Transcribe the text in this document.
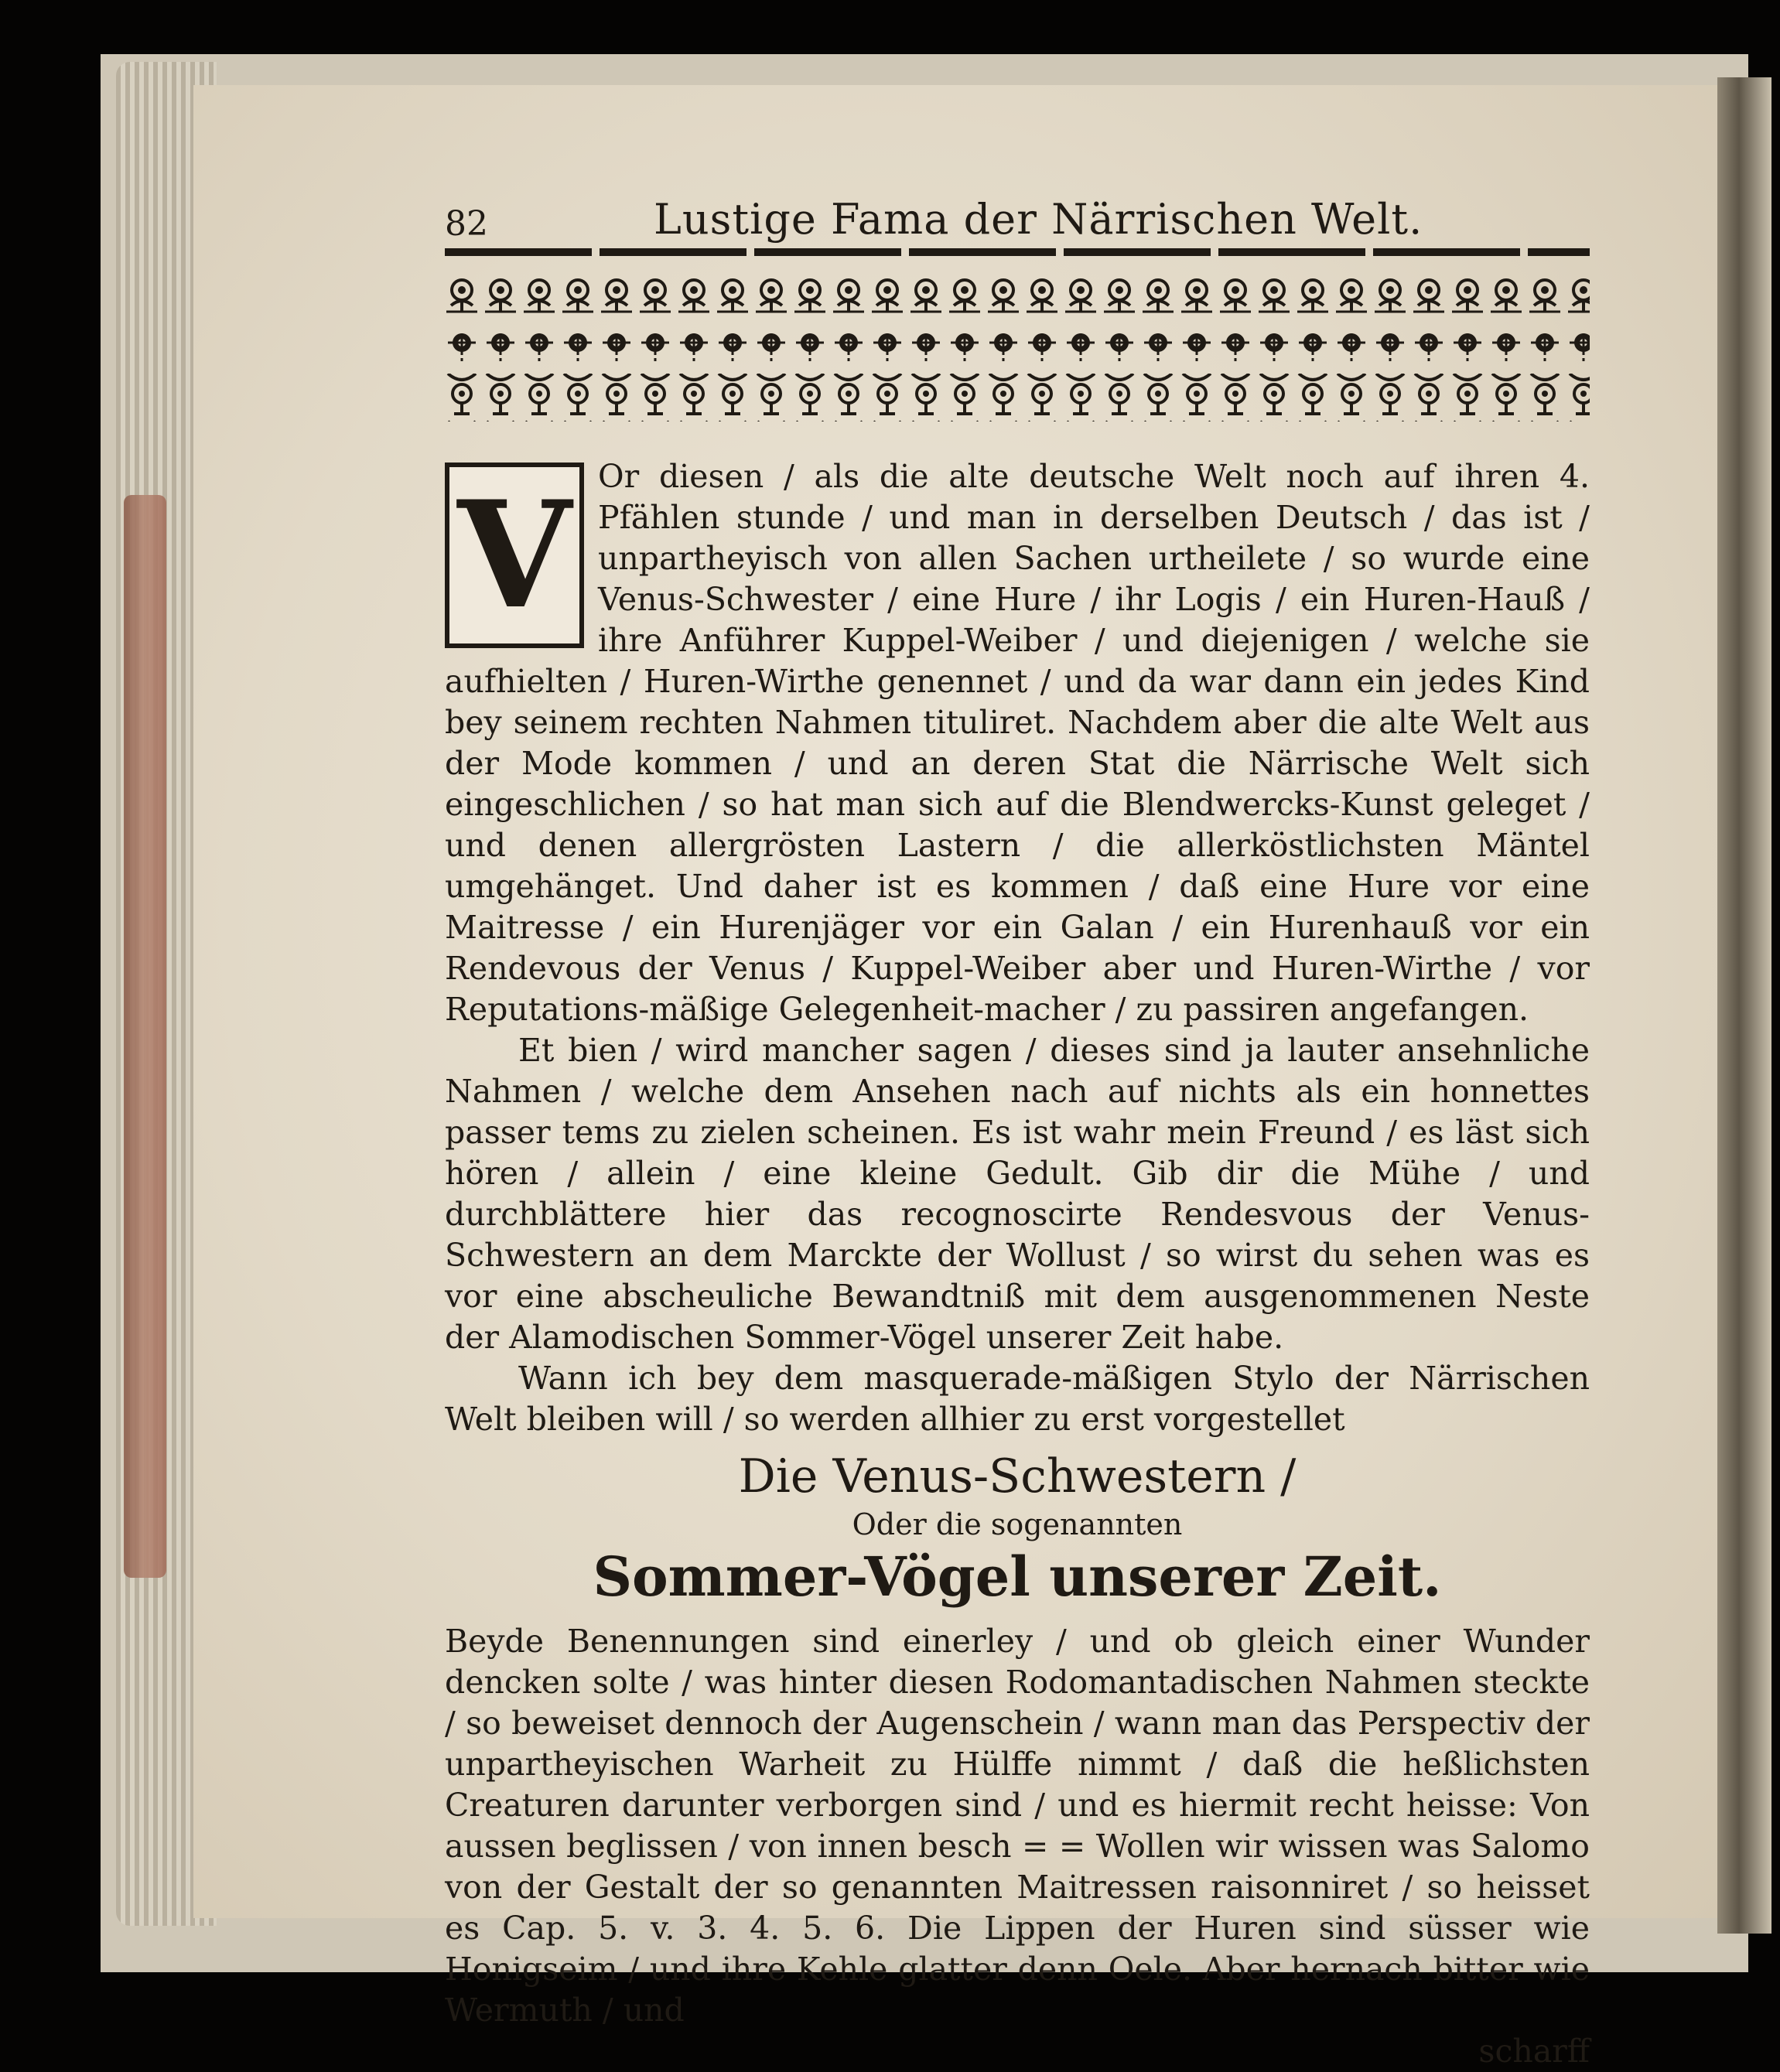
82	Lustige Fama der Närrischen Welt.
V Or diesen / als die alte deutsche Welt noch auf ihren 4. Pfählen stunde / und man in derselben Deutsch / das ist / unpartheyisch von allen Sachen urtheilete / so wurde eine Venus-Schwester / eine Hure / ihr Logis / ein Huren-Hauß / ihre Anführer Kuppel-Weiber / und diejenigen / welche sie aufhielten / Huren-Wirthe genennet / und da war dann ein jedes Kind bey seinem rechten Nahmen tituliret. Nachdem aber die alte Welt aus der Mode kommen / und an deren Stat die Närrische Welt sich eingeschlichen / so hat man sich auf die Blendwercks-Kunst geleget / und denen allergrösten Lastern / die allerköstlichsten Mäntel umgehänget. Und daher ist es kommen / daß eine Hure vor eine Maitresse / ein Hurenjäger vor ein Galan / ein Hurenhauß vor ein Rendevous der Venus / Kuppel-Weiber aber und Huren-Wirthe / vor Reputations-mäßige Gelegenheit-macher / zu passiren angefangen.

Et bien / wird mancher sagen / dieses sind ja lauter ansehnliche Nahmen / welche dem Ansehen nach auf nichts als ein honnettes passer tems zu zielen scheinen. Es ist wahr mein Freund / es läst sich hören / allein / eine kleine Gedult. Gib dir die Mühe / und durchblättere hier das recognoscirte Rendesvous der Venus-Schwestern an dem Marckte der Wollust / so wirst du sehen was es vor eine abscheuliche Bewandtniß mit dem ausgenommenen Neste der Alamodischen Sommer-Vögel unserer Zeit habe.

Wann ich bey dem masquerade-mäßigen Stylo der Närrischen Welt bleiben will / so werden allhier zu erst vorgestellet

Die Venus-Schwestern /
Oder die sogenannten
Sommer-Vögel unserer Zeit.

Beyde Benennungen sind einerley / und ob gleich einer Wunder dencken solte / was hinter diesen Rodomantadischen Nahmen steckte / so beweiset dennoch der Augenschein / wann man das Perspectiv der unpartheyischen Warheit zu Hülffe nimmt / daß die heßlichsten Creaturen darunter verborgen sind / und es hiermit recht heisse: Von aussen beglissen / von innen besch = = Wollen wir wissen was Salomo von der Gestalt der so genannten Maitressen raisonniret / so heisset es Cap. 5. v. 3. 4. 5. 6. Die Lippen der Huren sind süsser wie Honigseim / und ihre Kehle glatter denn Oele. Aber hernach bitter wie Wermuth / und

scharff
